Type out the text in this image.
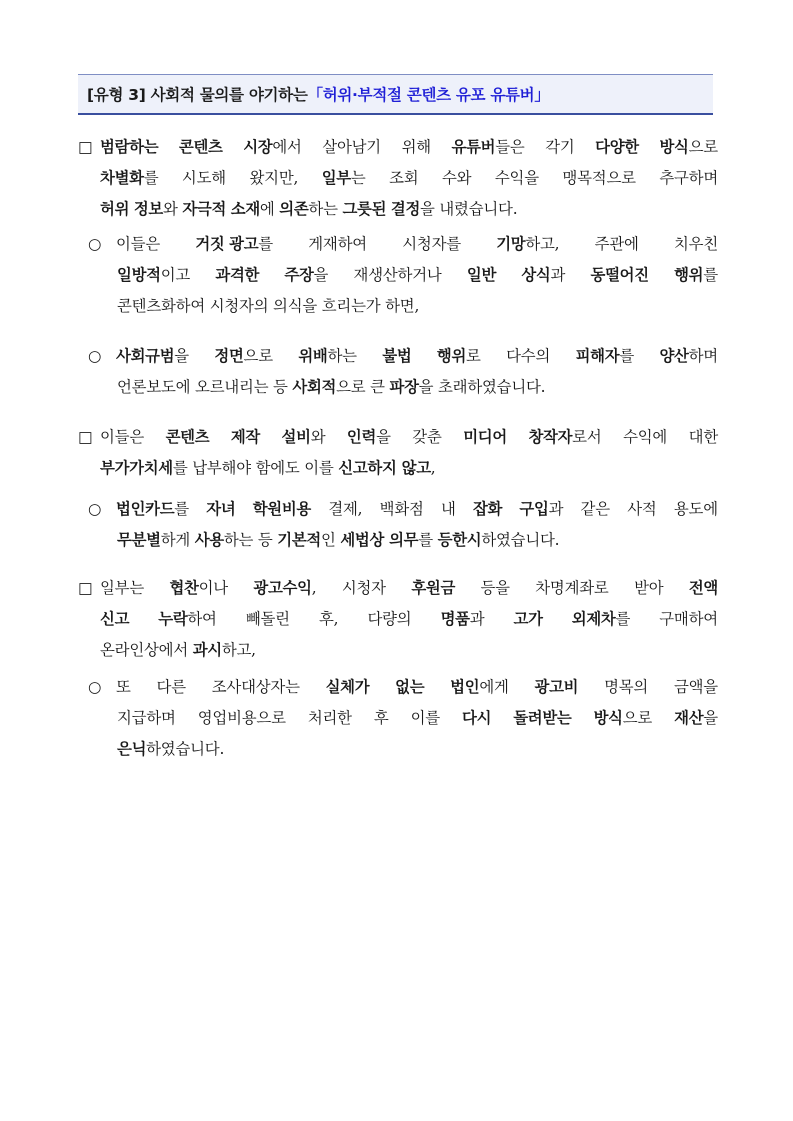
[유형 3] 사회적 물의를 야기하는 「허위·부적절 콘텐츠 유포 유튜버」
□ 범람하는 콘텐츠 시장에서 살아남기 위해 유튜버들은 각기 다양한 방식으로
차별화를 시도해 왔지만, 일부는 조회 수와 수익을 맹목적으로 추구하며
허위 정보와 자극적 소재에 의존하는 그릇된 결정을 내렸습니다.
○ 이들은 거짓 광고를 게재하여 시청자를 기망하고, 주관에 치우친
일방적이고 과격한 주장을 재생산하거나 일반 상식과 동떨어진 행위를
콘텐츠화하여 시청자의 의식을 흐리는가 하면,
○ 사회규범을 정면으로 위배하는 불법 행위로 다수의 피해자를 양산하며
언론보도에 오르내리는 등 사회적으로 큰 파장을 초래하였습니다.
□ 이들은 콘텐츠 제작 설비와 인력을 갖춘 미디어 창작자로서 수익에 대한
부가가치세를 납부해야 함에도 이를 신고하지 않고,
○ 법인카드를 자녀 학원비용 결제, 백화점 내 잡화 구입과 같은 사적 용도에
무분별하게 사용하는 등 기본적인 세법상 의무를 등한시하였습니다.
□ 일부는 협찬이나 광고수익, 시청자 후원금 등을 차명계좌로 받아 전액
신고 누락하여 빼돌린 후, 다량의 명품과 고가 외제차를 구매하여
온라인상에서 과시하고,
○ 또 다른 조사대상자는 실체가 없는 법인에게 광고비 명목의 금액을
지급하며 영업비용으로 처리한 후 이를 다시 돌려받는 방식으로 재산을
은닉하였습니다.
